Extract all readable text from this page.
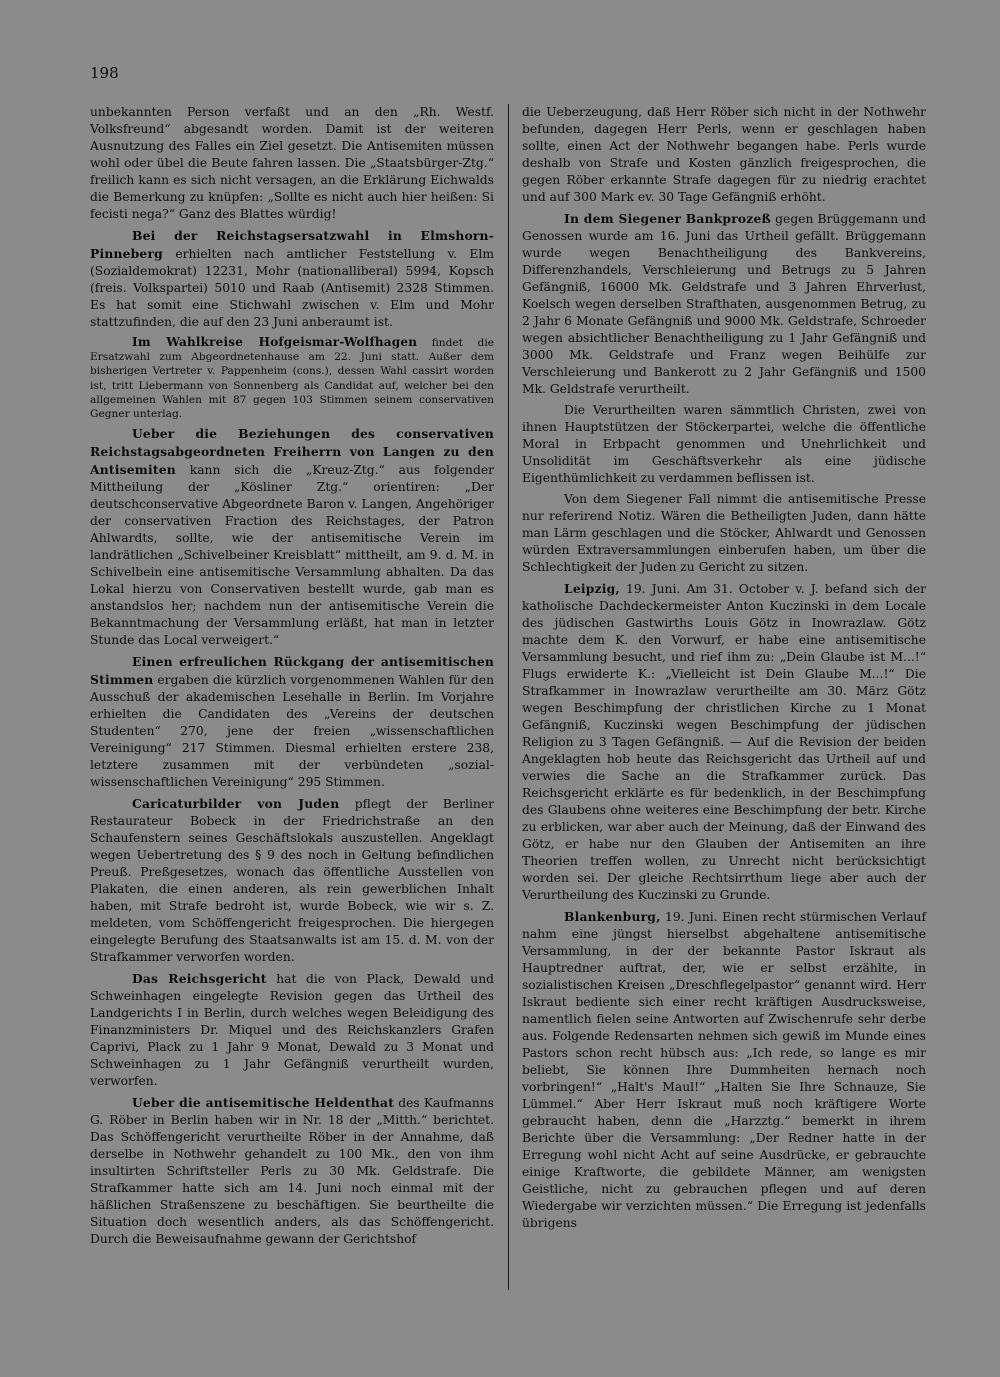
198

unbekannten Person verfaßt und an den „Rh. Westf. Volksfreund“ abgesandt worden. Damit ist der weiteren Ausnutzung des Falles ein Ziel gesetzt. Die Antisemiten müssen wohl oder übel die Beute fahren lassen. Die „Staatsbürger-Ztg.“ freilich kann es sich nicht versagen, an die Erklärung Eichwalds die Bemerkung zu knüpfen: „Sollte es nicht auch hier heißen: Si fecisti nega?“ Ganz des Blattes würdig!

Bei der Reichstagsersatzwahl in Elmshorn-Pinneberg erhielten nach amtlicher Feststellung v. Elm (Sozialdemokrat) 12231, Mohr (nationalliberal) 5994, Kopsch (freis. Volkspartei) 5010 und Raab (Antisemit) 2328 Stimmen. Es hat somit eine Stichwahl zwischen v. Elm und Mohr stattzufinden, die auf den 23 Juni anberaumt ist.

Im Wahlkreise Hofgeismar-Wolfhagen findet die Ersatzwahl zum Abgeordnetenhause am 22. Juni statt. Außer dem bisherigen Vertreter v. Pappenheim (cons.), dessen Wahl cassirt worden ist, tritt Liebermann von Sonnenberg als Candidat auf, welcher bei den allgemeinen Wahlen mit 87 gegen 103 Stimmen seinem conservativen Gegner unterlag.

Ueber die Beziehungen des conservativen Reichstagsabgeordneten Freiherrn von Langen zu den Antisemiten kann sich die „Kreuz-Ztg.“ aus folgender Mittheilung der „Kösliner Ztg.“ orientiren: „Der deutschconservative Abgeordnete Baron v. Langen, Angehöriger der conservativen Fraction des Reichstages, der Patron Ahlwardts, sollte, wie der antisemitische Verein im landrätlichen „Schivelbeiner Kreisblatt“ mittheilt, am 9. d. M. in Schivelbein eine antisemitische Versammlung abhalten. Da das Lokal hierzu von Conservativen bestellt wurde, gab man es anstandslos her; nachdem nun der antisemitische Verein die Bekanntmachung der Versammlung erläßt, hat man in letzter Stunde das Local verweigert.“

Einen erfreulichen Rückgang der antisemitischen Stimmen ergaben die kürzlich vorgenommenen Wahlen für den Ausschuß der akademischen Lesehalle in Berlin. Im Vorjahre erhielten die Candidaten des „Vereins der deutschen Studenten“ 270, jene der freien „wissenschaftlichen Vereinigung“ 217 Stimmen. Diesmal erhielten erstere 238, letztere zusammen mit der verbündeten „sozial-wissenschaftlichen Vereinigung“ 295 Stimmen.

Caricaturbilder von Juden pflegt der Berliner Restaurateur Bobeck in der Friedrichstraße an den Schaufenstern seines Geschäftslokals auszustellen. Angeklagt wegen Uebertretung des § 9 des noch in Geltung befindlichen Preuß. Preßgesetzes, wonach das öffentliche Ausstellen von Plakaten, die einen anderen, als rein gewerblichen Inhalt haben, mit Strafe bedroht ist, wurde Bobeck, wie wir s. Z. meldeten, vom Schöffengericht freigesprochen. Die hiergegen eingelegte Berufung des Staatsanwalts ist am 15. d. M. von der Strafkammer verworfen worden.

Das Reichsgericht hat die von Plack, Dewald und Schweinhagen eingelegte Revision gegen das Urtheil des Landgerichts I in Berlin, durch welches wegen Beleidigung des Finanzministers Dr. Miquel und des Reichskanzlers Grafen Caprivi, Plack zu 1 Jahr 9 Monat, Dewald zu 3 Monat und Schweinhagen zu 1 Jahr Gefängniß verurtheilt wurden, verworfen.

Ueber die antisemitische Heldenthat des Kaufmanns G. Röber in Berlin haben wir in Nr. 18 der „Mitth.“ berichtet. Das Schöffengericht verurtheilte Röber in der Annahme, daß derselbe in Nothwehr gehandelt zu 100 Mk., den von ihm insultirten Schriftsteller Perls zu 30 Mk. Geldstrafe. Die Strafkammer hatte sich am 14. Juni noch einmal mit der häßlichen Straßenszene zu beschäftigen. Sie beurtheilte die Situation doch wesentlich anders, als das Schöffengericht. Durch die Beweisaufnahme gewann der Gerichtshof

die Ueberzeugung, daß Herr Röber sich nicht in der Nothwehr befunden, dagegen Herr Perls, wenn er geschlagen haben sollte, einen Act der Nothwehr begangen habe. Perls wurde deshalb von Strafe und Kosten gänzlich freigesprochen, die gegen Röber erkannte Strafe dagegen für zu niedrig erachtet und auf 300 Mark ev. 30 Tage Gefängniß erhöht.

In dem Siegener Bankprozeß gegen Brüggemann und Genossen wurde am 16. Juni das Urtheil gefällt. Brüggemann wurde wegen Benachtheiligung des Bankvereins, Differenzhandels, Verschleierung und Betrugs zu 5 Jahren Gefängniß, 16000 Mk. Geldstrafe und 3 Jahren Ehrverlust, Koelsch wegen derselben Strafthaten, ausgenommen Betrug, zu 2 Jahr 6 Monate Gefängniß und 9000 Mk. Geldstrafe, Schroeder wegen absichtlicher Benachtheiligung zu 1 Jahr Gefängniß und 3000 Mk. Geldstrafe und Franz wegen Beihülfe zur Verschleierung und Bankerott zu 2 Jahr Gefängniß und 1500 Mk. Geldstrafe verurtheilt.

Die Verurtheilten waren sämmtlich Christen, zwei von ihnen Hauptstützen der Stöckerpartei, welche die öffentliche Moral in Erbpacht genommen und Unehrlichkeit und Unsolidität im Geschäftsverkehr als eine jüdische Eigenthümlichkeit zu verdammen beflissen ist.

Von dem Siegener Fall nimmt die antisemitische Presse nur referirend Notiz. Wären die Betheiligten Juden, dann hätte man Lärm geschlagen und die Stöcker, Ahlwardt und Genossen würden Extraversammlungen einberufen haben, um über die Schlechtigkeit der Juden zu Gericht zu sitzen.

Leipzig, 19. Juni. Am 31. October v. J. befand sich der katholische Dachdeckermeister Anton Kuczinski in dem Locale des jüdischen Gastwirths Louis Götz in Inowrazlaw. Götz machte dem K. den Vorwurf, er habe eine antisemitische Versammlung besucht, und rief ihm zu: „Dein Glaube ist M...!“ Flugs erwiderte K.: „Vielleicht ist Dein Glaube M...!“ Die Strafkammer in Inowrazlaw verurtheilte am 30. März Götz wegen Beschimpfung der christlichen Kirche zu 1 Monat Gefängniß, Kuczinski wegen Beschimpfung der jüdischen Religion zu 3 Tagen Gefängniß. — Auf die Revision der beiden Angeklagten hob heute das Reichsgericht das Urtheil auf und verwies die Sache an die Strafkammer zurück. Das Reichsgericht erklärte es für bedenklich, in der Beschimpfung des Glaubens ohne weiteres eine Beschimpfung der betr. Kirche zu erblicken, war aber auch der Meinung, daß der Einwand des Götz, er habe nur den Glauben der Antisemiten an ihre Theorien treffen wollen, zu Unrecht nicht berücksichtigt worden sei. Der gleiche Rechtsirrthum liege aber auch der Verurtheilung des Kuczinski zu Grunde.

Blankenburg, 19. Juni. Einen recht stürmischen Verlauf nahm eine jüngst hierselbst abgehaltene antisemitische Versammlung, in der der bekannte Pastor Iskraut als Hauptredner auftrat, der, wie er selbst erzählte, in sozialistischen Kreisen „Dreschflegelpastor“ genannt wird. Herr Iskraut bediente sich einer recht kräftigen Ausdrucksweise, namentlich fielen seine Antworten auf Zwischenrufe sehr derbe aus. Folgende Redensarten nehmen sich gewiß im Munde eines Pastors schon recht hübsch aus: „Ich rede, so lange es mir beliebt, Sie können Ihre Dummheiten hernach noch vorbringen!“ „Halt's Maul!“ „Halten Sie Ihre Schnauze, Sie Lümmel.“ Aber Herr Iskraut muß noch kräftigere Worte gebraucht haben, denn die „Harzztg.“ bemerkt in ihrem Berichte über die Versammlung: „Der Redner hatte in der Erregung wohl nicht Acht auf seine Ausdrücke, er gebrauchte einige Kraftworte, die gebildete Männer, am wenigsten Geistliche, nicht zu gebrauchen pflegen und auf deren Wiedergabe wir verzichten müssen.“ Die Erregung ist jedenfalls übrigens
